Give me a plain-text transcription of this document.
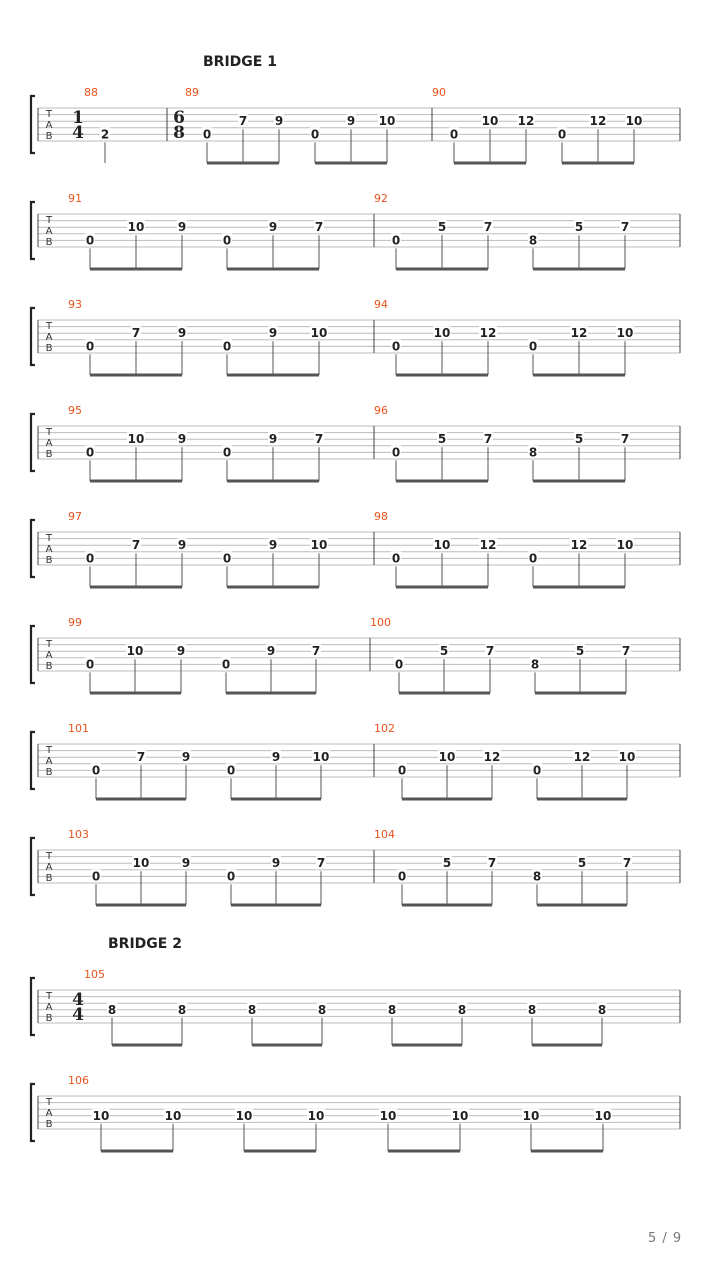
T
A
B
88
1
4 2
89
6
8 0
7 9
0
9 10
90
0
10 12
0
12 10
T
A
B
91
0
10	9
0
9	7
92
0
5	7
8
5	7
T
A
B
93
0
7	9
0
9	10
94
0
10 12
0
12 10
T
A
B
95
0
10	9
0
9	7
96
0
5	7
8
5	7
T
A
B
97
0
7	9
0
9	10
98
0
10 12
0
12 10
T
A
B
99
0
10	9
0
9	7
100
0
5	7
8
5	7
T
A
B
101
0
7	9
0
9	10
102
0
10 12
0
12 10
T
A
B
103
0
10	9
0
9	7
104
0
5	7
8
5	7
T
A
B
105
4
4 8	8	8	8	8	8	8	8
T
A
B
106
10	10	10	10	10	10	10	10
BRIDGE 1
BRIDGE 2
5 / 9
